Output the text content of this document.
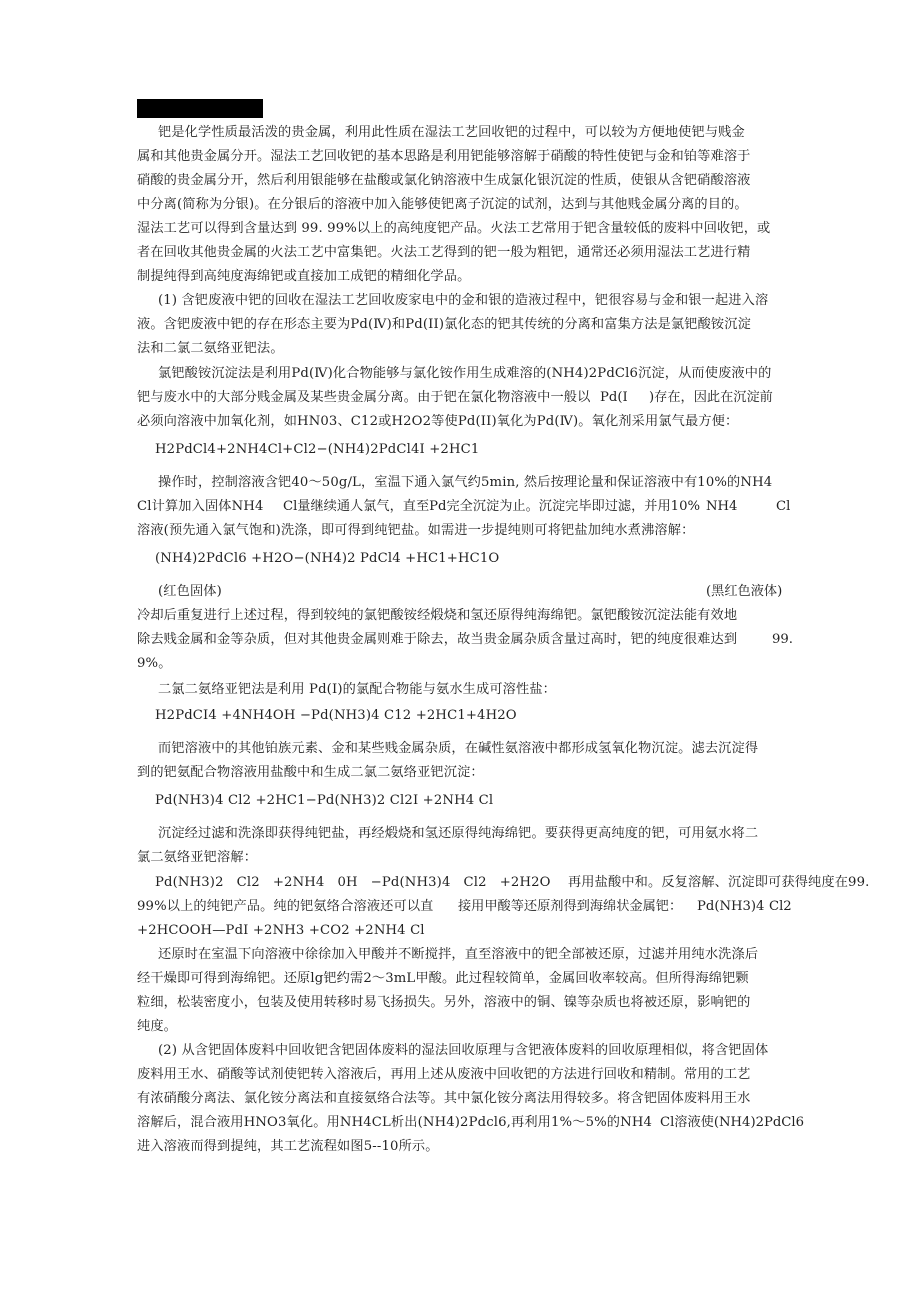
钯是化学性质最活泼的贵金属，利用此性质在湿法工艺回收钯的过程中，可以较为方便地使钯与贱金
属和其他贵金属分开。湿法工艺回收钯的基本思路是利用钯能够溶解于硝酸的特性使钯与金和铂等难溶于
硝酸的贵金属分开，然后利用银能够在盐酸或氯化钠溶液中生成氯化银沉淀的性质，使银从含钯硝酸溶液
中分离(简称为分银)。在分银后的溶液中加入能够使钯离子沉淀的试剂，达到与其他贱金属分离的目的。
湿法工艺可以得到含量达到 99. 99%以上的高纯度钯产品。火法工艺常用于钯含量较低的废料中回收钯，或
者在回收其他贵金属的火法工艺中富集钯。火法工艺得到的钯一般为粗钯，通常还必须用湿法工艺进行精
制提纯得到高纯度海绵钯或直接加工成钯的精细化学品。
(1) 含钯废液中钯的回收在湿法工艺回收废家电中的金和银的造液过程中，钯很容易与金和银一起进入溶
液。含钯废液中钯的存在形态主要为Pd(Ⅳ)和Pd(II)氯化态的钯其传统的分离和富集方法是氯钯酸铵沉淀
法和二氯二氨络亚钯法。
氯钯酸铵沉淀法是利用Pd(Ⅳ)化合物能够与氯化铵作用生成难溶的(NH4)2PdCl6沉淀，从而使废液中的
钯与废水中的大部分贱金属及某些贵金属分离。由于钯在氯化物溶液中一般以 Pd(Ⅰ )存在，因此在沉淀前
必须向溶液中加氧化剂，如HN03、C12或H2O2等使Pd(II)氧化为Pd(Ⅳ)。氧化剂采用氯气最方便：
H2PdCl4+2NH4Cl+Cl2−(NH4)2PdCl4Ⅰ +2HC1
操作时，控制溶液含钯40～50g/L，室温下通入氯气约5min, 然后按理论量和保证溶液中有10%的NH4
Cl计算加入固体NH4 Cl量继续通人氯气，直至Pd完全沉淀为止。沉淀完毕即过滤，并用10% NH4	Cl
溶液(预先通入氯气饱和)洗涤，即可得到纯钯盐。如需进一步提纯则可将钯盐加纯水煮沸溶解：
(NH4)2PdCl6 +H2O−(NH4)2 PdCl4 +HC1+HC1O
(红色固体)	(黑红色液体)
冷却后重复进行上述过程，得到较纯的氯钯酸铵经煅烧和氢还原得纯海绵钯。氯钯酸铵沉淀法能有效地
除去贱金属和金等杂质，但对其他贵金属则难于除去，故当贵金属杂质含量过高时，钯的纯度很难达到	99.
9%。
二氯二氨络亚钯法是利用 Pd(Ⅰ)的氯配合物能与氨水生成可溶性盐：
H2PdCI4 +4NH4OH −Pd(NH3)4 C12 +2HC1+4H2O
而钯溶液中的其他铂族元素、金和某些贱金属杂质，在碱性氨溶液中都形成氢氧化物沉淀。滤去沉淀得
到的钯氨配合物溶液用盐酸中和生成二氯二氨络亚钯沉淀：
Pd(NH3)4 Cl2 +2HC1−Pd(NH3)2 Cl2Ⅰ +2NH4 Cl
沉淀经过滤和洗涤即获得纯钯盐，再经煅烧和氢还原得纯海绵钯。要获得更高纯度的钯，可用氨水将二
氯二氨络亚钯溶解：
Pd(NH3)2   Cl2   +2NH4   0H   −Pd(NH3)4   Cl2   +2H2O    再用盐酸中和。反复溶解、沉淀即可获得纯度在99.
99%以上的纯钯产品。纯的钯氨络合溶液还可以直 接用甲酸等还原剂得到海绵状金属钯： Pd(NH3)4 Cl2
+2HCOOH—PdⅠ +2NH3 +CO2 +2NH4 Cl
还原时在室温下向溶液中徐徐加入甲酸并不断搅拌，直至溶液中的钯全部被还原，过滤并用纯水洗涤后
经干燥即可得到海绵钯。还原lg钯约需2～3mL甲酸。此过程较简单，金属回收率较高。但所得海绵钯颗
粒细，松装密度小，包装及使用转移时易飞扬损失。另外，溶液中的铜、镍等杂质也将被还原，影响钯的
纯度。
(2) 从含钯固体废料中回收钯含钯固体废料的湿法回收原理与含钯液体废料的回收原理相似，将含钯固体
废料用王水、硝酸等试剂使钯转入溶液后，再用上述从废液中回收钯的方法进行回收和精制。常用的工艺
有浓硝酸分离法、氯化铵分离法和直接氨络合法等。其中氯化铵分离法用得较多。将含钯固体废料用王水
溶解后，混合液用HNO3氧化。用NH4CL析出(NH4)2Pdcl6,再利用1%～5%的NH4 Cl溶液使(NH4)2PdCl6
进入溶液而得到提纯，其工艺流程如图5--10所示。
